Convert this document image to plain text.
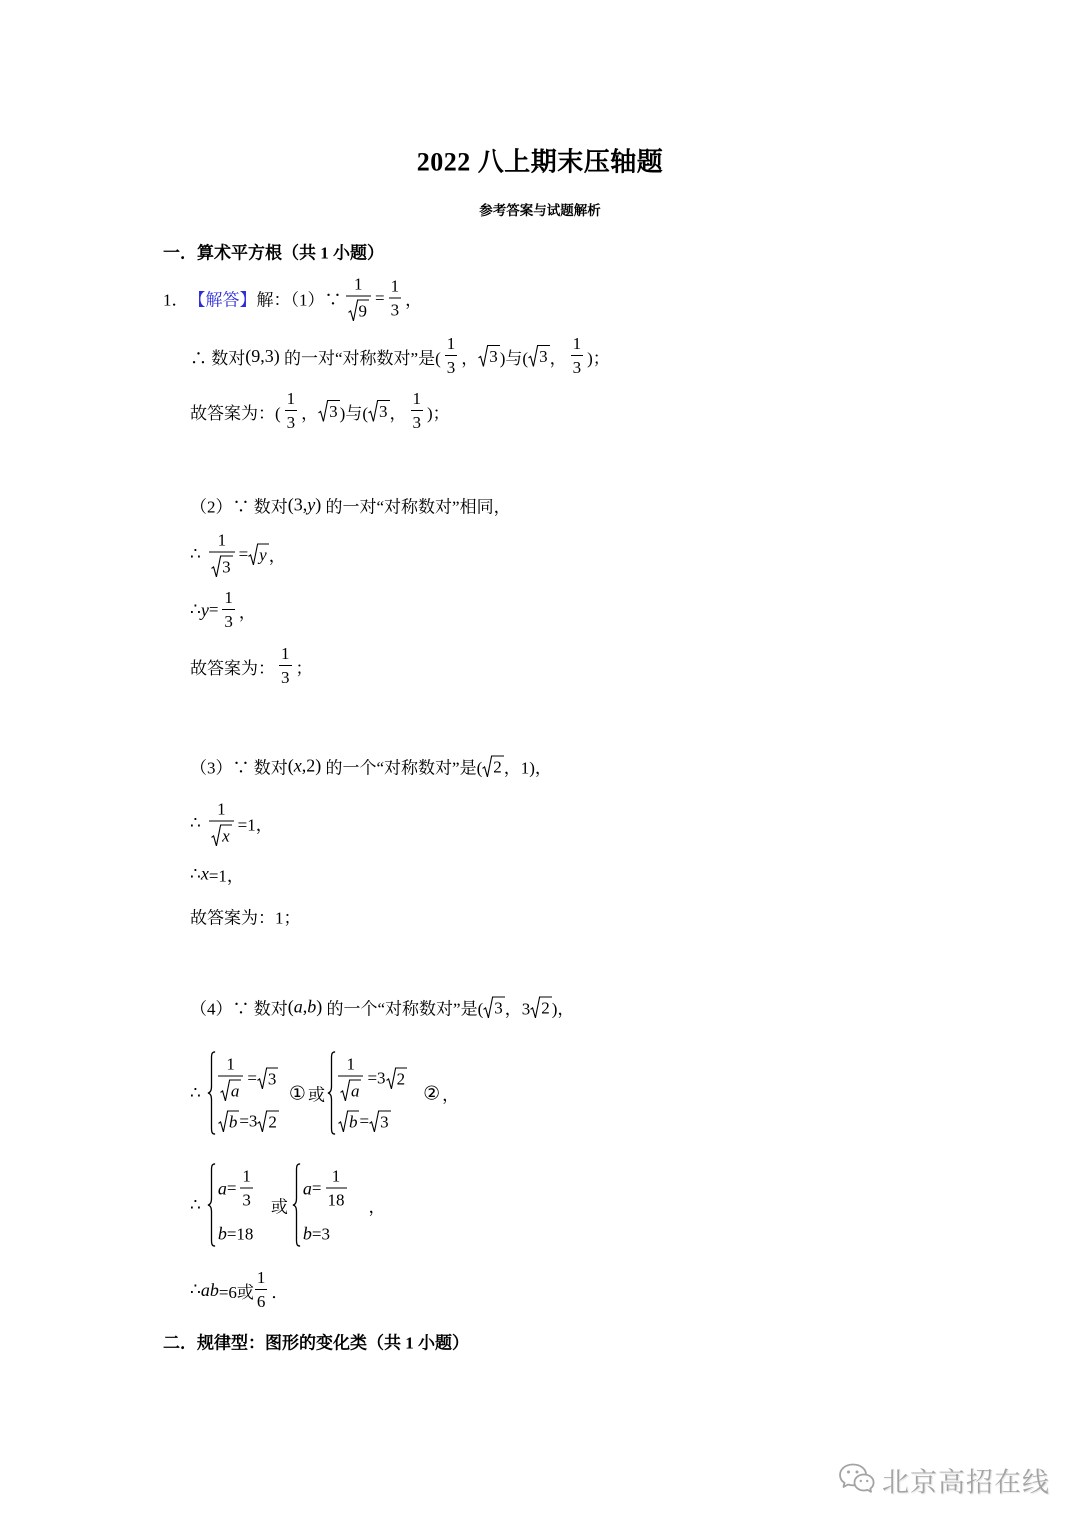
2022 八上期末压轴题
参考答案与试题解析
一．算术平方根（共 1 小题）
1． 【解答】 解：（1）∵ $\frac{1}{9} = \frac{1}{3}$ ，
∴ 数对 (9,3) 的一对“对称数对”是( $\frac{1}{3}$ ， 3 )与( 3 ， $\frac{1}{3}$ )；
故答案为：( $\frac{1}{3}$ ， 3 )与( 3 ， $\frac{1}{3}$ )；
（2）∵ 数对 (3, y ) 的一对“对称数对”相同，
∴ $\frac{1}{3} = y$ ，
∴ $y = \frac{1}{3}$ ，
故答案为： $\frac{1}{3}$ ；
（3）∵ 数对 ( x ,2) 的一个“对称数对”是( 2 ，1)，
∴ $\frac{1}{x} =1$，
∴ x =1，
故答案为：1；
（4）∵ 数对 ( a , b ) 的一个“对称数对”是( 3 ，3 2 )，
∴ $\frac{1}{a} = 3$
b =3 2
① 或 $\frac{1}{a} =3$ 2
b = 3
② ，
∴
$a = \frac{1}{3}$
b =18
或
$a = \frac{1}{18}$
b =3
，
∴ ab =6或 $\frac{1}{6}$ ．
二．规律型：图形的变化类（共 1 小题）
北京高招在线
